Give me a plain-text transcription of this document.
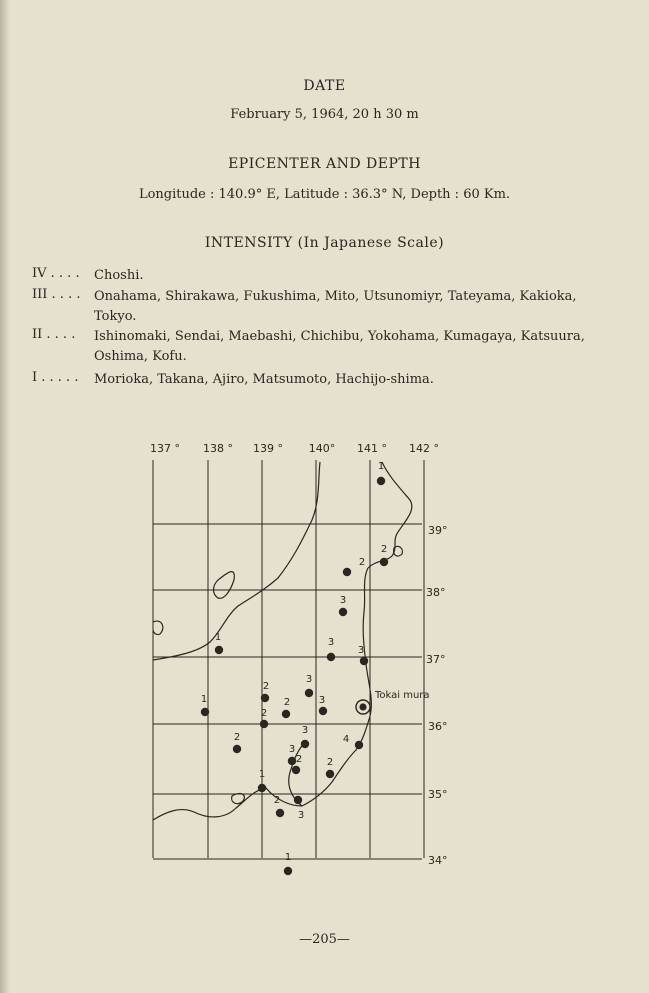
DATE
February 5, 1964, 20 h 30 m
EPICENTER AND DEPTH
Longitude : 140.9° E, Latitude : 36.3° N, Depth : 60 Km.
INTENSITY (In Japanese Scale)
IV . . . .	Choshi.
III . . . .	Onahama, Shirakawa, Fukushima, Mito, Utsunomiyr, Tateyama, Kakioka, Tokyo.
II . . . .	Ishinomaki, Sendai, Maebashi, Chichibu, Yokohama, Kumagaya, Katsuura, Oshima, Kofu.
I . . . . .	Morioka, Takana, Ajiro, Matsumoto, Hachijo-shima.
137 ° 138 ° 139 ° 140° 141 ° 142 °
39°
38°
37°
36°
35°
34°
Tokai mura
1
2
2
3
1	3
3
2
3
3
1	2
2
3
2
3
4
2
1
2
2
3
1
—205—
